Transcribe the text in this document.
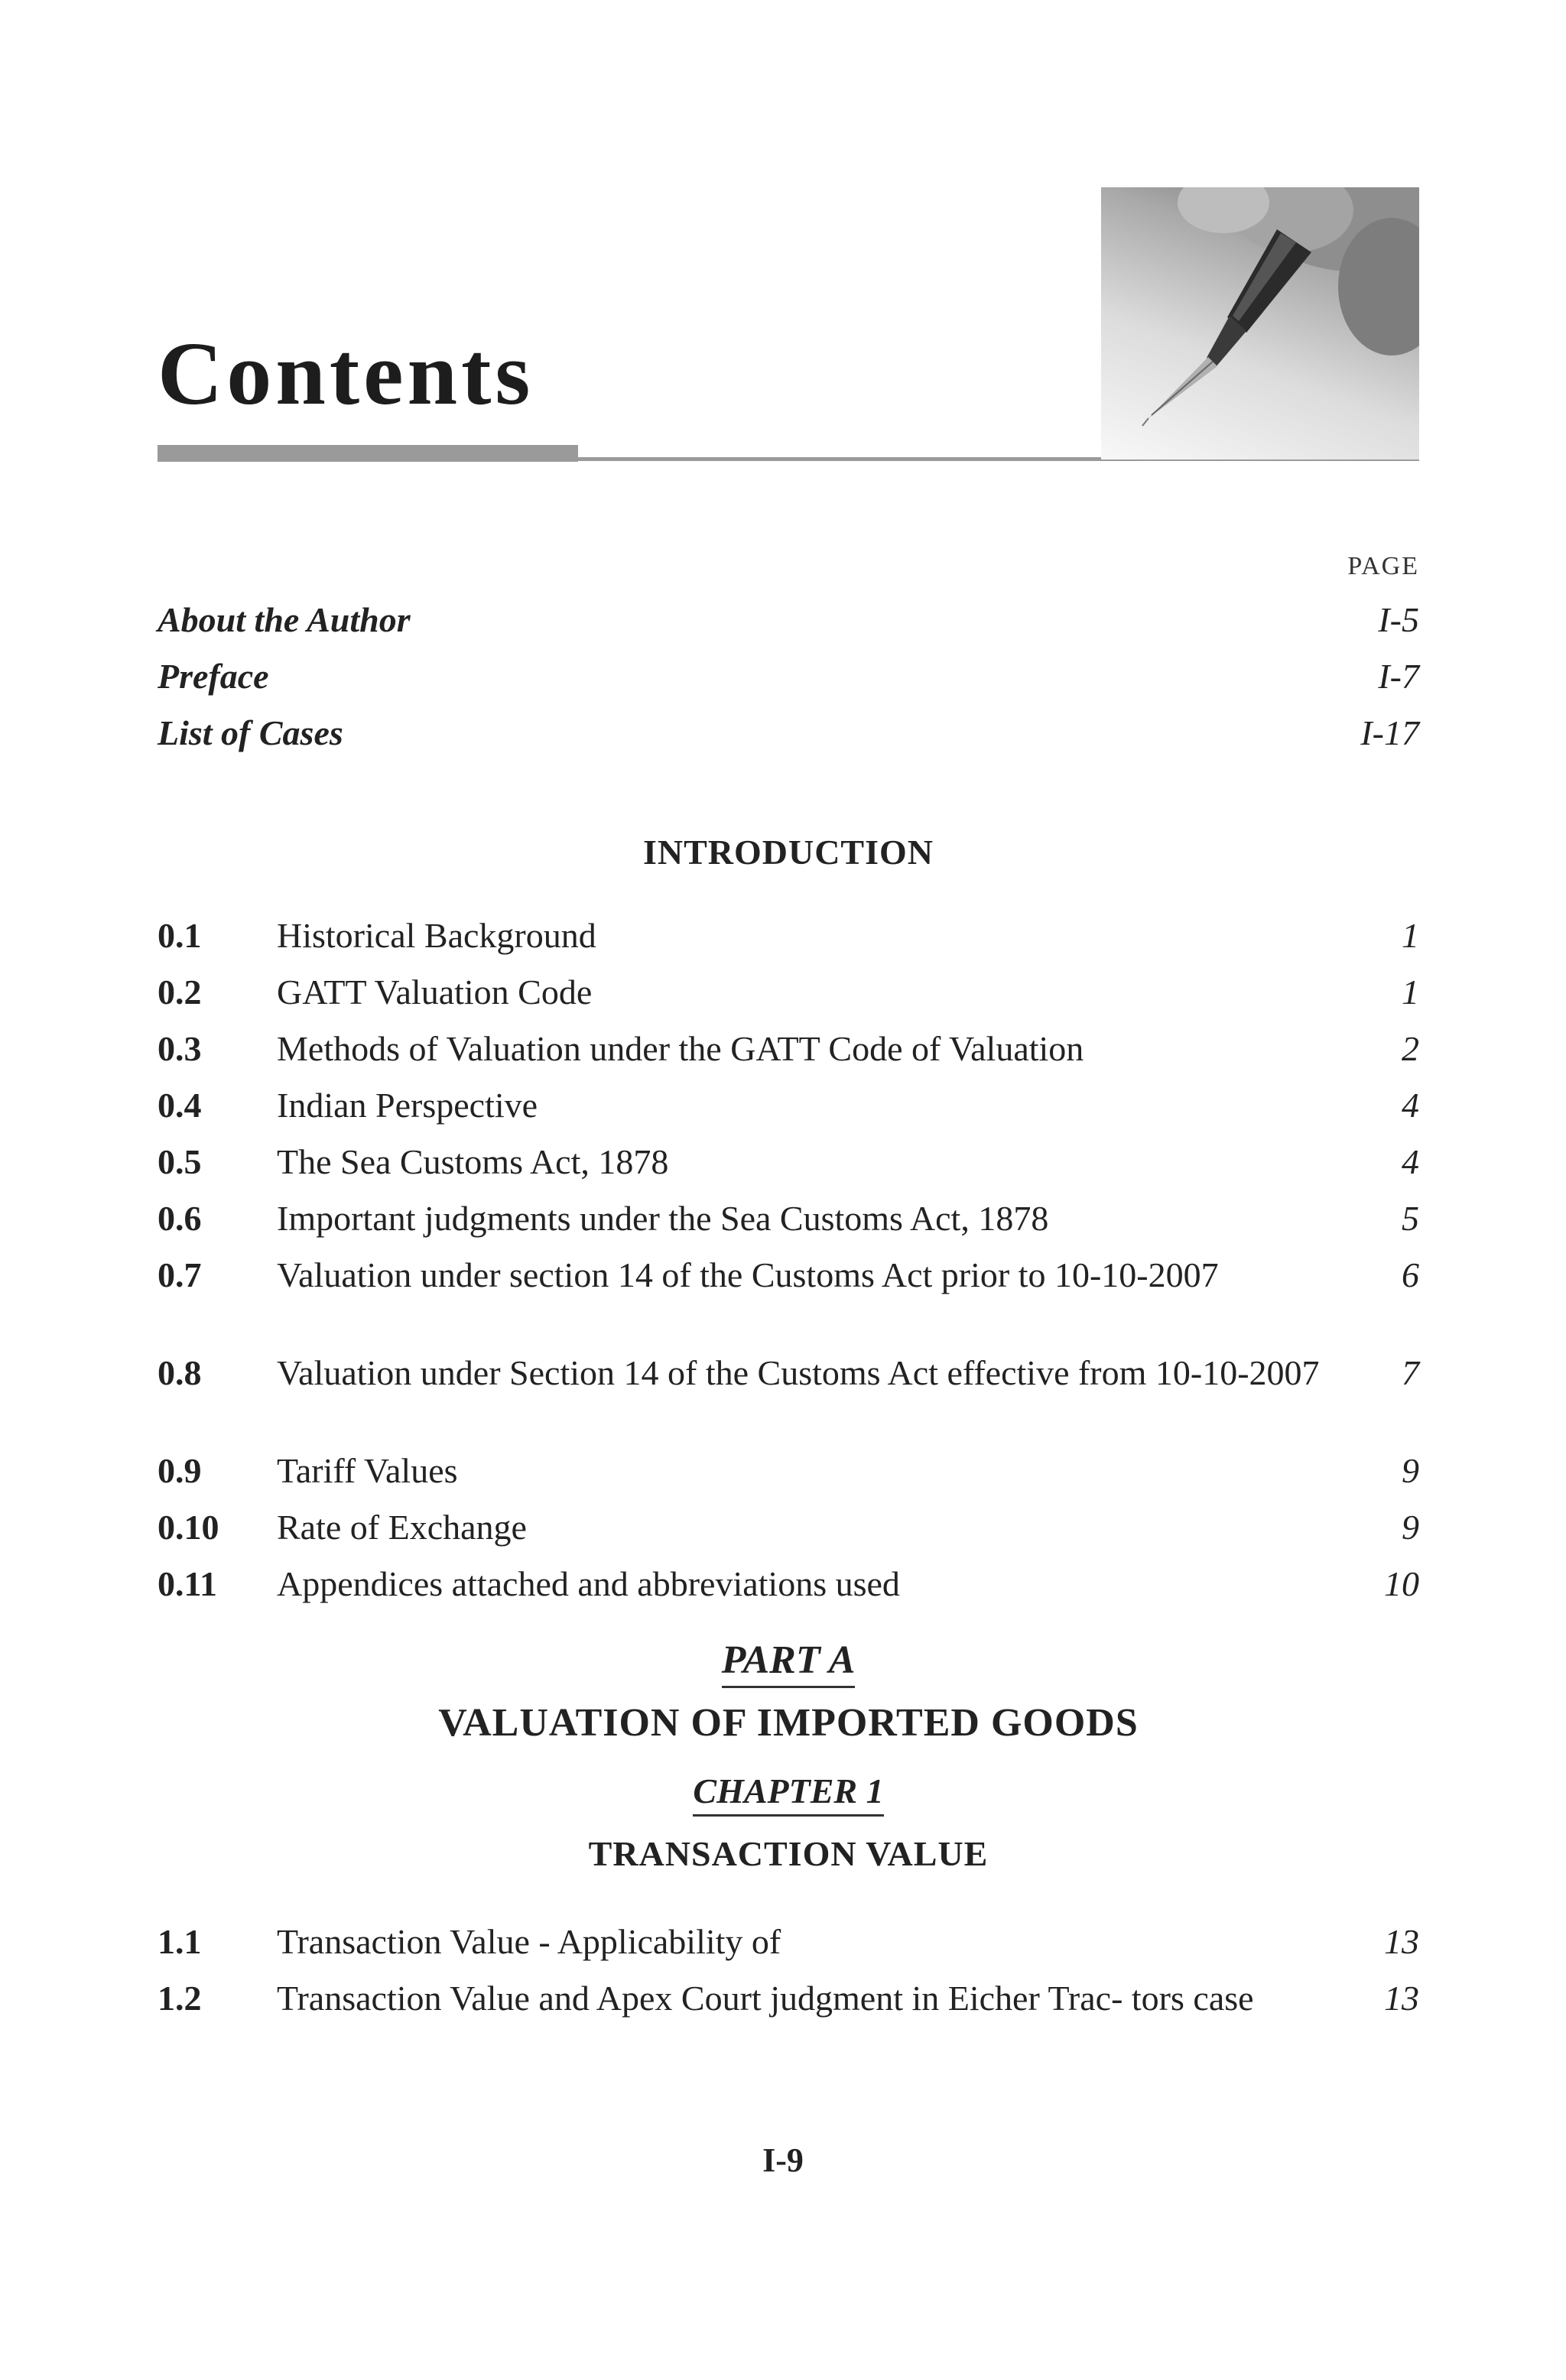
Contents
PAGE
About the Author	I-5
Preface	I-7
List of Cases	I-17
INTRODUCTION
0.1 Historical Background	1
0.2 GATT Valuation Code	1
0.3 Methods of Valuation under the GATT Code of Valuation	2
0.4 Indian Perspective	4
0.5 The Sea Customs Act, 1878	4
0.6 Important judgments under the Sea Customs Act, 1878	5
0.7 Valuation under section 14 of the Customs Act prior to 10-10-2007	6
0.8 Valuation under Section 14 of the Customs Act effective from 10-10-2007	7
0.9 Tariff Values	9
0.10 Rate of Exchange	9
0.11 Appendices attached and abbreviations used	10
PART A
VALUATION OF IMPORTED GOODS
CHAPTER 1
TRANSACTION VALUE
1.1 Transaction Value - Applicability of	13
1.2 Transaction Value and Apex Court judgment in Eicher Trac- tors case	13
I-9
